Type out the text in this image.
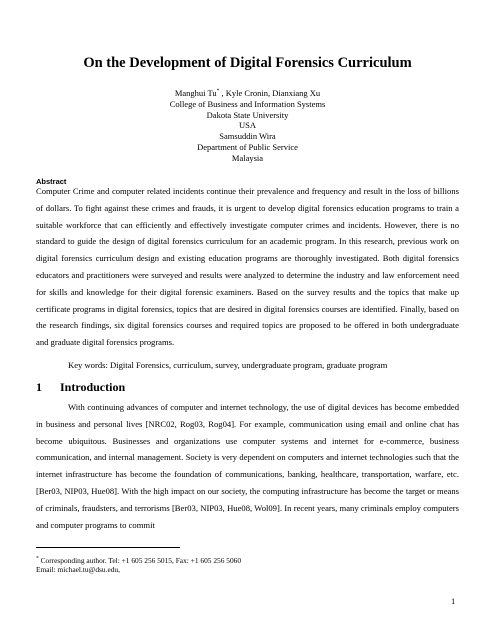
On the Development of Digital Forensics Curriculum
Manghui Tu* , Kyle Cronin, Dianxiang Xu
College of Business and Information Systems
Dakota State University
USA
Samsuddin Wira
Department of Public Service
Malaysia
Abstract
Computer Crime and computer related incidents continue their prevalence and frequency and result in the loss of billions of dollars. To fight against these crimes and frauds, it is urgent to develop digital forensics education programs to train a suitable workforce that can efficiently and effectively investigate computer crimes and incidents. However, there is no standard to guide the design of digital forensics curriculum for an academic program. In this research, previous work on digital forensics curriculum design and existing education programs are thoroughly investigated. Both digital forensics educators and practitioners were surveyed and results were analyzed to determine the industry and law enforcement need for skills and knowledge for their digital forensic examiners. Based on the survey results and the topics that make up certificate programs in digital forensics, topics that are desired in digital forensics courses are identified. Finally, based on the research findings, six digital forensics courses and required topics are proposed to be offered in both undergraduate and graduate digital forensics programs.
Key words: Digital Forensics, curriculum, survey, undergraduate program, graduate program
1 Introduction
With continuing advances of computer and internet technology, the use of digital devices has become embedded in business and personal lives [NRC02, Rog03, Rog04]. For example, communication using email and online chat has become ubiquitous. Businesses and organizations use computer systems and internet for e-commerce, business communication, and internal management. Society is very dependent on computers and internet technologies such that the internet infrastructure has become the foundation of communications, banking, healthcare, transportation, warfare, etc. [Ber03, NIP03, Hue08]. With the high impact on our society, the computing infrastructure has become the target or means of criminals, fraudsters, and terrorisms [Ber03, NIP03, Hue08, Wol09]. In recent years, many criminals employ computers and computer programs to commit
* Corresponding author. Tel: +1 605 256 5015, Fax: +1 605 256 5060
Email: michael.tu@dsu.edu,
1
